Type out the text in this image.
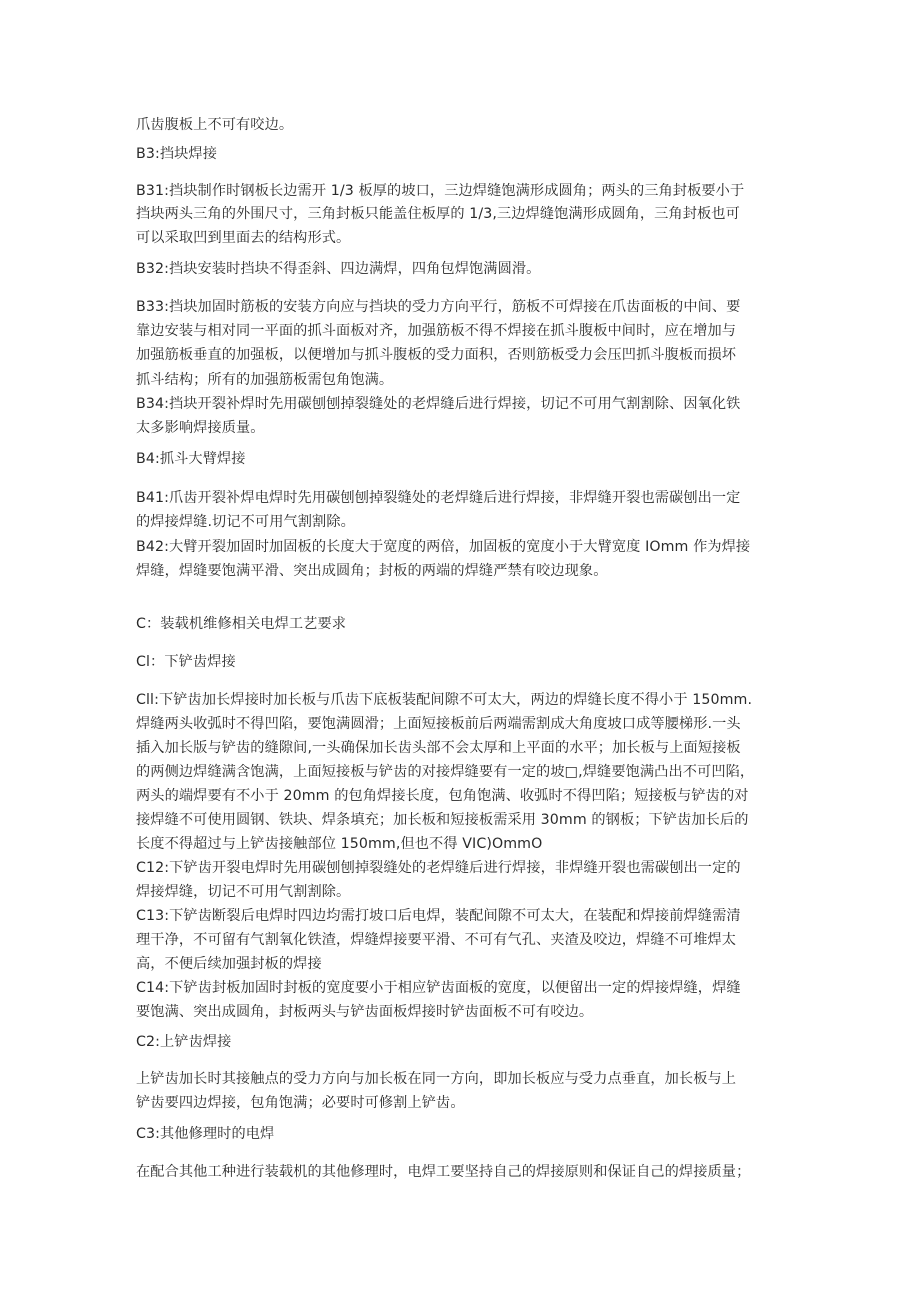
爪齿腹板上不可有咬边。
B3:挡块焊接
B31:挡块制作时钢板长边需开 1/3 板厚的坡口，三边焊缝饱满形成圆角；两头的三角封板要小于
挡块两头三角的外围尺寸，三角封板只能盖住板厚的 1/3,三边焊缝饱满形成圆角，三角封板也可
可以采取凹到里面去的结构形式。
B32:挡块安装时挡块不得歪斜、四边满焊，四角包焊饱满圆滑。
B33:挡块加固时筋板的安装方向应与挡块的受力方向平行，筋板不可焊接在爪齿面板的中间、要
靠边安装与相对同一平面的抓斗面板对齐，加强筋板不得不焊接在抓斗腹板中间时，应在增加与
加强筋板垂直的加强板，以便增加与抓斗腹板的受力面积，否则筋板受力会压凹抓斗腹板而损坏
抓斗结构；所有的加强筋板需包角饱满。
B34:挡块开裂补焊时先用碳刨刨掉裂缝处的老焊缝后进行焊接，切记不可用气割割除、因氧化铁
太多影响焊接质量。
B4:抓斗大臂焊接
B41:爪齿开裂补焊电焊时先用碳刨刨掉裂缝处的老焊缝后进行焊接，非焊缝开裂也需碳刨出一定
的焊接焊缝.切记不可用气割割除。
B42:大臂开裂加固时加固板的长度大于宽度的两倍，加固板的宽度小于大臂宽度 IOmm 作为焊接
焊缝，焊缝要饱满平滑、突出成圆角；封板的两端的焊缝严禁有咬边现象。
C：装载机维修相关电焊工艺要求
Cl：下铲齿焊接
Cll:下铲齿加长焊接时加长板与爪齿下底板装配间隙不可太大，两边的焊缝长度不得小于 150mm.
焊缝两头收弧时不得凹陷，要饱满圆滑；上面短接板前后两端需割成大角度坡口成等腰梯形.一头
插入加长版与铲齿的缝隙间,一头确保加长齿头部不会太厚和上平面的水平；加长板与上面短接板
的两侧边焊缝满含饱满，上面短接板与铲齿的对接焊缝要有一定的坡□,焊缝要饱满凸出不可凹陷，
两头的端焊要有不小于 20mm 的包角焊接长度，包角饱满、收弧时不得凹陷；短接板与铲齿的对
接焊缝不可使用圆钢、铁块、焊条填充；加长板和短接板需采用 30mm 的钢板；下铲齿加长后的
长度不得超过与上铲齿接触部位 150mm,但也不得 VIC)OmmO
C12:下铲齿开裂电焊时先用碳刨刨掉裂缝处的老焊缝后进行焊接，非焊缝开裂也需碳刨出一定的
焊接焊缝，切记不可用气割割除。
C13:下铲齿断裂后电焊时四边均需打坡口后电焊，装配间隙不可太大，在装配和焊接前焊缝需清
理干净，不可留有气割氧化铁渣，焊缝焊接要平滑、不可有气孔、夹渣及咬边，焊缝不可堆焊太
高，不便后续加强封板的焊接
C14:下铲齿封板加固时封板的宽度要小于相应铲齿面板的宽度，以便留出一定的焊接焊缝，焊缝
要饱满、突出成圆角，封板两头与铲齿面板焊接时铲齿面板不可有咬边。
C2:上铲齿焊接
上铲齿加长时其接触点的受力方向与加长板在同一方向，即加长板应与受力点垂直，加长板与上
铲齿要四边焊接，包角饱满；必要时可修割上铲齿。
C3:其他修理时的电焊
在配合其他工种进行装载机的其他修理时，电焊工要坚持自己的焊接原则和保证自己的焊接质量；
